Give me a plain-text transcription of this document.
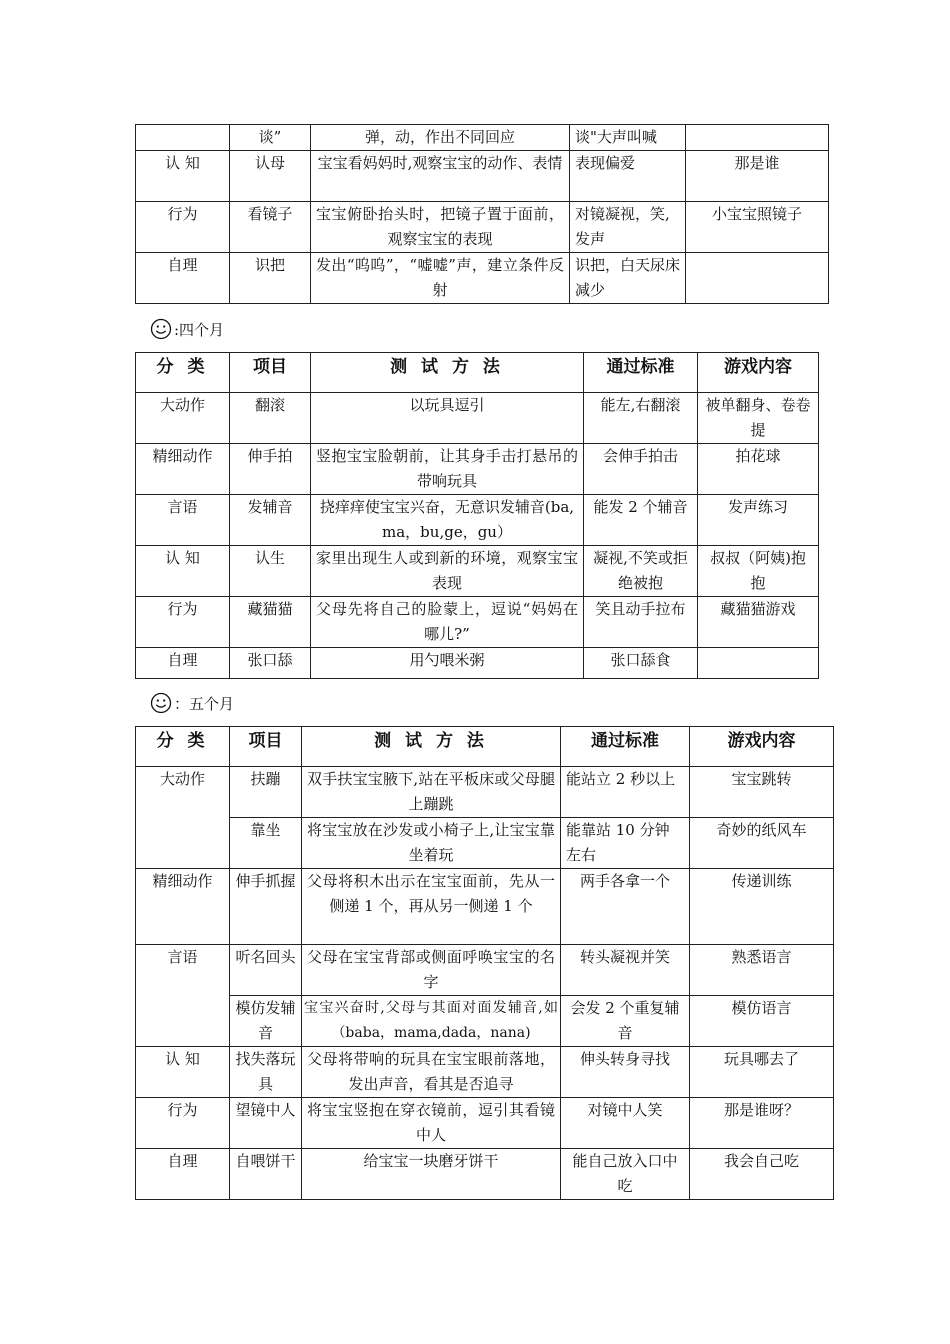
	谈”	弹，动，作出不同回应	谈"大声叫喊	
认 知	认母	宝宝看妈妈时,观察宝宝的动作、表情	表现偏爱	那是谁
行为	看镜子	宝宝俯卧抬头时，把镜子置于面前，观察宝宝的表现	对镜凝视，笑,发声	小宝宝照镜子
自理	识把	发出“呜呜”，“嘘嘘”声，建立条件反射	识把，白天尿床减少	
:四个月
分 类	项目	测 试 方 法	通过标准	游戏内容
大动作	翻滚	以玩具逗引	能左,右翻滚	被单翻身、卷卷提
精细动作	伸手拍	竖抱宝宝脸朝前，让其身手击打悬吊的带响玩具	会伸手拍击	拍花球
言语	发辅音	挠痒痒使宝宝兴奋，无意识发辅音(ba,ma，bu,ge，gu）	能发 2 个辅音	发声练习
认 知	认生	家里出现生人或到新的环境，观察宝宝表现	凝视,不笑或拒绝被抱	叔叔（阿姨)抱抱
行为	藏猫猫	父母先将自己的脸蒙上，逗说“妈妈在哪儿?”	笑且动手拉布	藏猫猫游戏
自理	张口舔	用勺喂米粥	张口舔食	
：五个月
分 类	项目	测 试 方 法	通过标准	游戏内容
大动作	扶蹦	双手扶宝宝腋下,站在平板床或父母腿上蹦跳	能站立 2 秒以上	宝宝跳转
	靠坐	将宝宝放在沙发或小椅子上,让宝宝靠坐着玩	能靠站 10 分钟左右	奇妙的纸风车
精细动作	伸手抓握	父母将积木出示在宝宝面前，先从一侧递 1 个，再从另一侧递 1 个	两手各拿一个	传递训练
言语	听名回头	父母在宝宝背部或侧面呼唤宝宝的名字	转头凝视并笑	熟悉语言
	模仿发辅音	宝宝兴奋时,父母与其面对面发辅音,如（baba，mama,dada，nana)	会发 2 个重复辅音	模仿语言
认 知	找失落玩具	父母将带响的玩具在宝宝眼前落地，发出声音，看其是否追寻	伸头转身寻找	玩具哪去了
行为	望镜中人	将宝宝竖抱在穿衣镜前，逗引其看镜中人	对镜中人笑	那是谁呀？
自理	自喂饼干	给宝宝一块磨牙饼干	能自己放入口中吃	我会自己吃
